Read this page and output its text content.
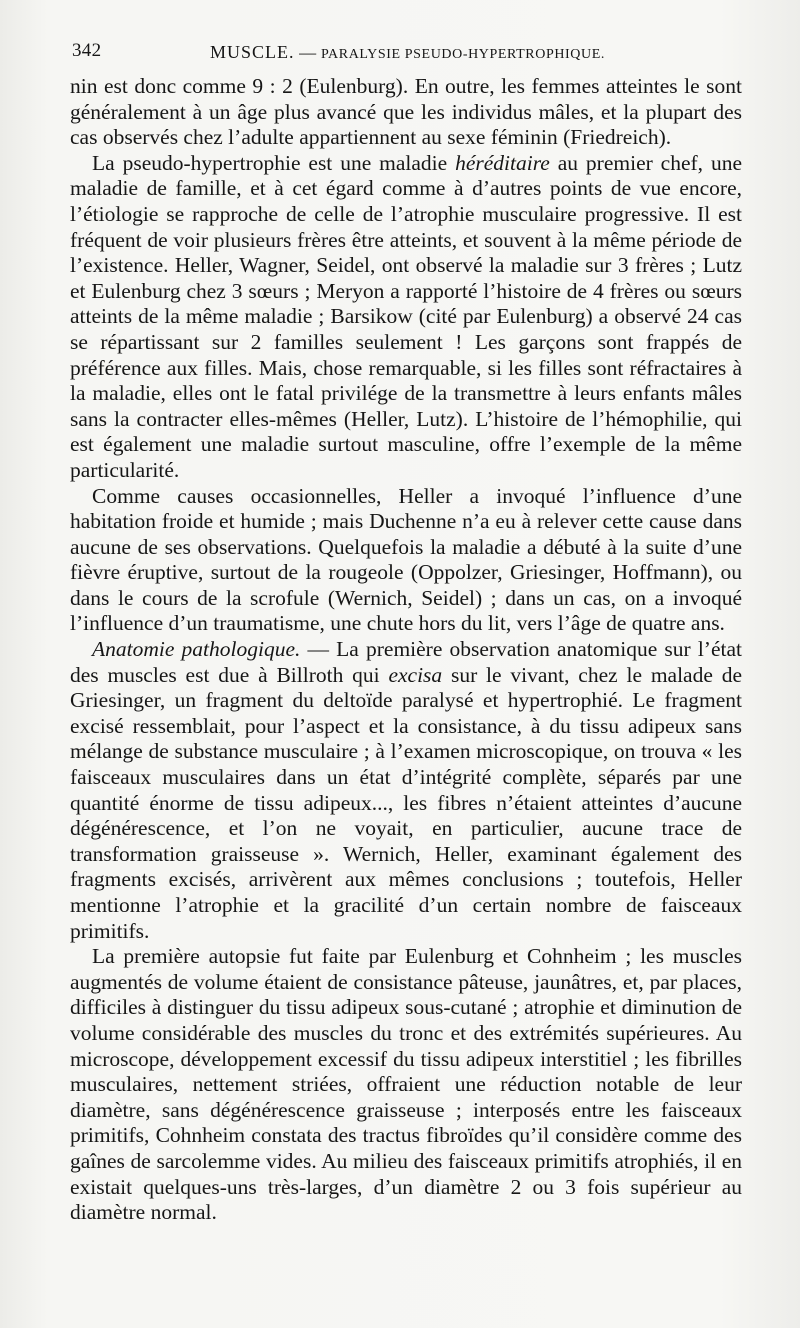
342	MUSCLE. — PARALYSIE PSEUDO-HYPERTROPHIQUE.

nin est donc comme 9 : 2 (Eulenburg). En outre, les femmes atteintes le sont généralement à un âge plus avancé que les individus mâles, et la plupart des cas observés chez l’adulte appartiennent au sexe féminin (Friedreich).

La pseudo-hypertrophie est une maladie héréditaire au premier chef, une maladie de famille, et à cet égard comme à d’autres points de vue encore, l’étiologie se rapproche de celle de l’atrophie musculaire progressive. Il est fréquent de voir plusieurs frères être atteints, et souvent à la même période de l’existence. Heller, Wagner, Seidel, ont observé la maladie sur 3 frères ; Lutz et Eulenburg chez 3 sœurs ; Meryon a rapporté l’histoire de 4 frères ou sœurs atteints de la même maladie ; Barsikow (cité par Eulenburg) a observé 24 cas se répartissant sur 2 familles seulement ! Les garçons sont frappés de préférence aux filles. Mais, chose remarquable, si les filles sont réfractaires à la maladie, elles ont le fatal privilége de la transmettre à leurs enfants mâles sans la contracter elles-mêmes (Heller, Lutz). L’histoire de l’hémophilie, qui est également une maladie surtout masculine, offre l’exemple de la même particularité.

Comme causes occasionnelles, Heller a invoqué l’influence d’une habitation froide et humide ; mais Duchenne n’a eu à relever cette cause dans aucune de ses observations. Quelquefois la maladie a débuté à la suite d’une fièvre éruptive, surtout de la rougeole (Oppolzer, Griesinger, Hoffmann), ou dans le cours de la scrofule (Wernich, Seidel) ; dans un cas, on a invoqué l’influence d’un traumatisme, une chute hors du lit, vers l’âge de quatre ans.

Anatomie pathologique. — La première observation anatomique sur l’état des muscles est due à Billroth qui excisa sur le vivant, chez le malade de Griesinger, un fragment du deltoïde paralysé et hypertrophié. Le fragment excisé ressemblait, pour l’aspect et la consistance, à du tissu adipeux sans mélange de substance musculaire ; à l’examen microscopique, on trouva « les faisceaux musculaires dans un état d’intégrité complète, séparés par une quantité énorme de tissu adipeux..., les fibres n’étaient atteintes d’aucune dégénérescence, et l’on ne voyait, en particulier, aucune trace de transformation graisseuse ». Wernich, Heller, examinant également des fragments excisés, arrivèrent aux mêmes conclusions ; toutefois, Heller mentionne l’atrophie et la gracilité d’un certain nombre de faisceaux primitifs.

La première autopsie fut faite par Eulenburg et Cohnheim ; les muscles augmentés de volume étaient de consistance pâteuse, jaunâtres, et, par places, difficiles à distinguer du tissu adipeux sous-cutané ; atrophie et diminution de volume considérable des muscles du tronc et des extrémités supérieures. Au microscope, développement excessif du tissu adipeux interstitiel ; les fibrilles musculaires, nettement striées, offraient une réduction notable de leur diamètre, sans dégénérescence graisseuse ; interposés entre les faisceaux primitifs, Cohnheim constata des tractus fibroïdes qu’il considère comme des gaînes de sarcolemme vides. Au milieu des faisceaux primitifs atrophiés, il en existait quelques-uns très-larges, d’un diamètre 2 ou 3 fois supérieur au diamètre normal.
